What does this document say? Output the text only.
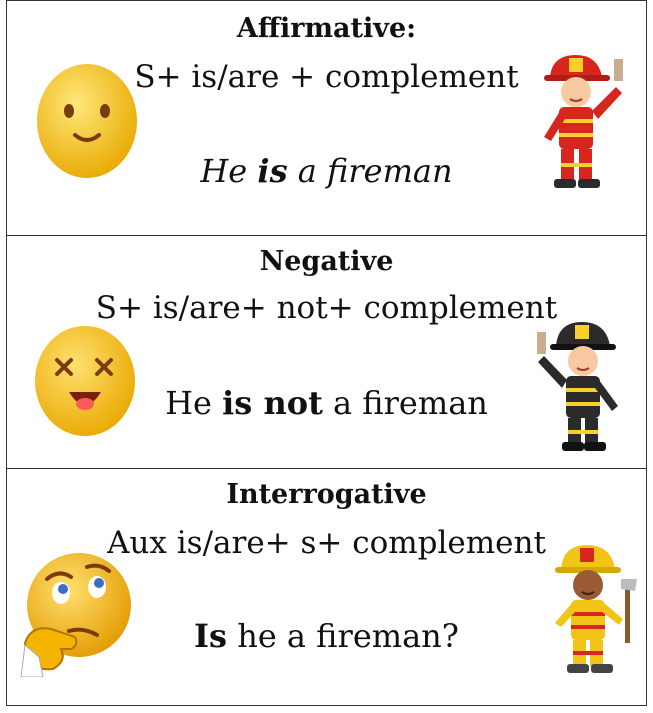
Affirmative:
S+ is/are + complement
He is a fireman
Negative
S+ is/are+ not+ complement
He is not a fireman
Interrogative
Aux is/are+ s+ complement
Is he a fireman?
